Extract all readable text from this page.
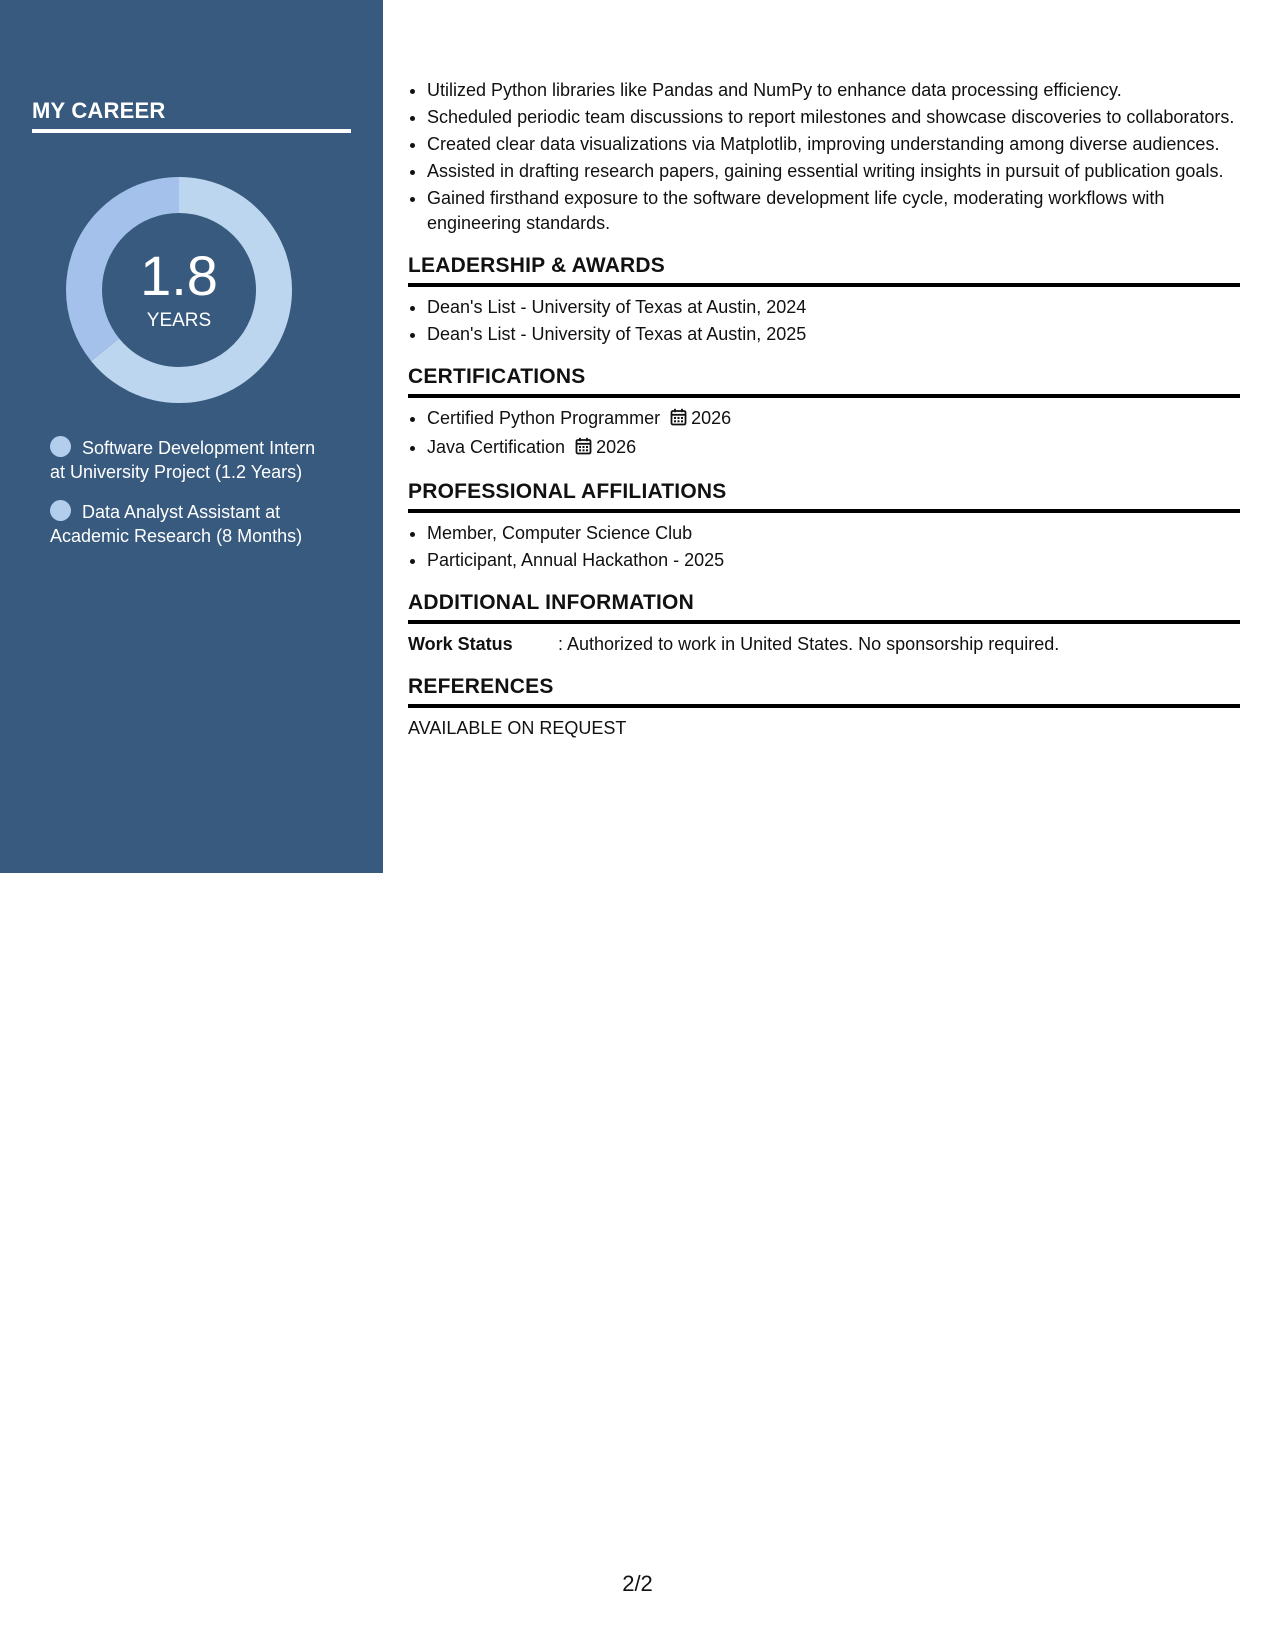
MY CAREER
1.8
YEARS
Software Development Intern at University Project (1.2 Years)
Data Analyst Assistant at Academic Research (8 Months)
• Utilized Python libraries like Pandas and NumPy to enhance data processing efficiency.
• Scheduled periodic team discussions to report milestones and showcase discoveries to collaborators.
• Created clear data visualizations via Matplotlib, improving understanding among diverse audiences.
• Assisted in drafting research papers, gaining essential writing insights in pursuit of publication goals.
• Gained firsthand exposure to the software development life cycle, moderating workflows with engineering standards.
LEADERSHIP & AWARDS
• Dean's List - University of Texas at Austin, 2024
• Dean's List - University of Texas at Austin, 2025
CERTIFICATIONS
• Certified Python Programmer 2026
• Java Certification 2026
PROFESSIONAL AFFILIATIONS
• Member, Computer Science Club
• Participant, Annual Hackathon - 2025
ADDITIONAL INFORMATION
Work Status	: Authorized to work in United States. No sponsorship required.
REFERENCES

AVAILABLE ON REQUEST

2/2
